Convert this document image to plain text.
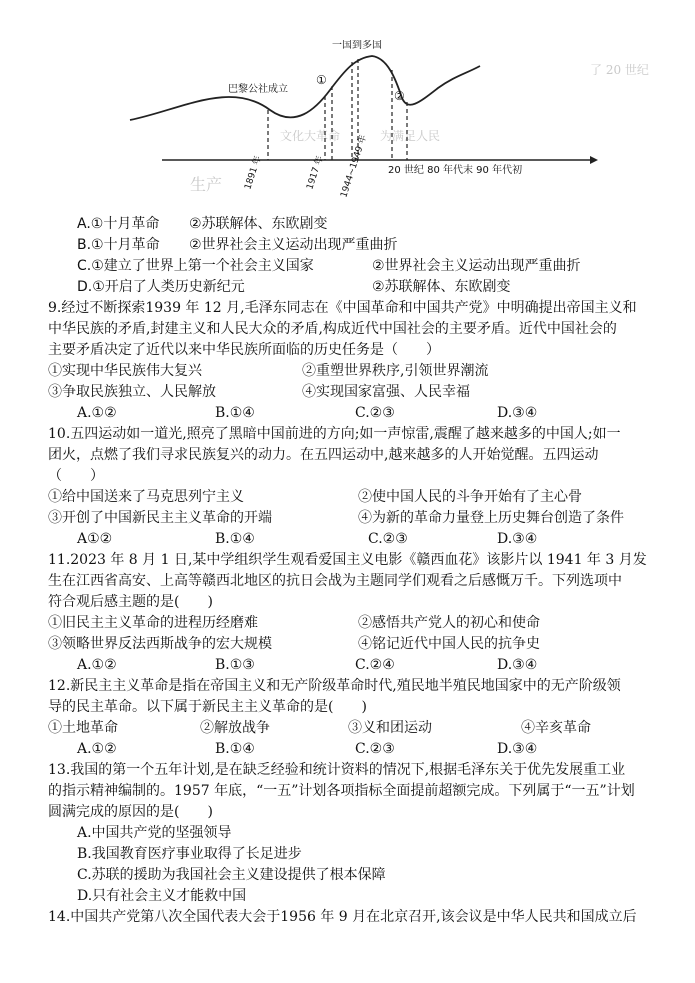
了 20 世纪
文化大革命	为满足人民
生产
一国到多国
巴黎公社成立
①
②
1891 年	1917 年 1944~1949 年 20 世纪 80 年代末 90 年代初
A.①十月革命 ②苏联解体、东欧剧变
B.①十月革命 ②世界社会主义运动出现严重曲折
C.①建立了世界上第一个社会主义国家	②世界社会主义运动出现严重曲折
D.①开启了人类历史新纪元	②苏联解体、东欧剧变
9.经过不断探索1939 年 12 月,毛泽东同志在《中国革命和中国共产党》中明确提出帝国主义和
中华民族的矛盾,封建主义和人民大众的矛盾,构成近代中国社会的主要矛盾。近代中国社会的
主要矛盾决定了近代以来中华民族所面临的历史任务是（　　）
①实现中华民族伟大复兴	②重塑世界秩序,引领世界潮流
③争取民族独立、人民解放	④实现国家富强、人民幸福
A.①②	B.①④	C.②③	D.③④
10.五四运动如一道光,照亮了黑暗中国前进的方向;如一声惊雷,震醒了越来越多的中国人;如一
团火，点燃了我们寻求民族复兴的动力。在五四运动中,越来越多的人开始觉醒。五四运动
（　　）
①给中国送来了马克思列宁主义	②使中国人民的斗争开始有了主心骨
③开创了中国新民主主义革命的开端	④为新的革命力量登上历史舞台创造了条件
A①②	B.①④	C.②③	D.③④
11.2023 年 8 月 1 日,某中学组织学生观看爱国主义电影《赣西血花》该影片以 1941 年 3 月发
生在江西省高安、上高等赣西北地区的抗日会战为主题同学们观看之后感慨万千。下列选项中
符合观后感主题的是(　　)
①旧民主主义革命的进程历经磨难	②感悟共产党人的初心和使命
③领略世界反法西斯战争的宏大规模	④铭记近代中国人民的抗争史
A.①②	B.①③	C.②④	D.③④
12.新民主主义革命是指在帝国主义和无产阶级革命时代,殖民地半殖民地国家中的无产阶级领
导的民主革命。以下属于新民主主义革命的是(　　)
①土地革命	②解放战争	③义和团运动	④辛亥革命
A.①②	B.①④	C.②③	D.③④
13.我国的第一个五年计划,是在缺乏经验和统计资料的情况下,根据毛泽东关于优先发展重工业
的指示精神编制的。1957 年底，“一五”计划各项指标全面提前超额完成。下列属于“一五”计划
圆满完成的原因的是(　　)
A.中国共产党的坚强领导
B.我国教育医疗事业取得了长足进步
C.苏联的援助为我国社会主义建设提供了根本保障
D.只有社会主义才能救中国
14.中国共产党第八次全国代表大会于1956 年 9 月在北京召开,该会议是中华人民共和国成立后
